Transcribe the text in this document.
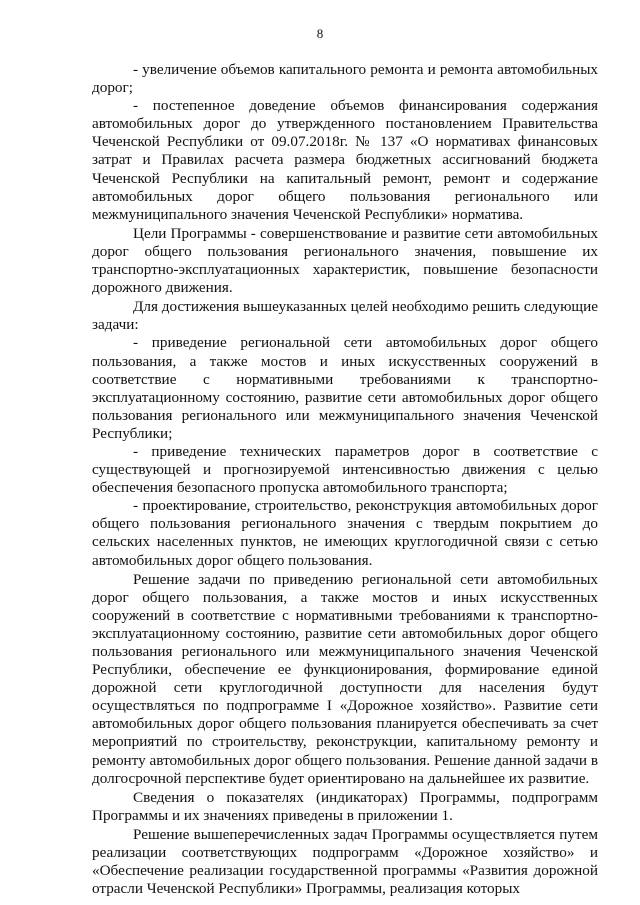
8

- увеличение объемов капитального ремонта и ремонта автомобильных дорог;

- постепенное доведение объемов финансирования содержания автомобильных дорог до утвержденного постановлением Правительства Чеченской Республики от 09.07.2018г. № 137 «О нормативах финансовых затрат и Правилах расчета размера бюджетных ассигнований бюджета Чеченской Республики на капитальный ремонт, ремонт и содержание автомобильных дорог общего пользования регионального или межмуниципального значения Чеченской Республики» норматива.

Цели Программы - совершенствование и развитие сети автомобильных дорог общего пользования регионального значения, повышение их транспортно-эксплуатационных характеристик, повышение безопасности дорожного движения.

Для достижения вышеуказанных целей необходимо решить следующие задачи:

- приведение региональной сети автомобильных дорог общего пользования, а также мостов и иных искусственных сооружений в соответствие с нормативными требованиями к транспортно-эксплуатационному состоянию, развитие сети автомобильных дорог общего пользования регионального или межмуниципального значения Чеченской Республики;

- приведение технических параметров дорог в соответствие с существующей и прогнозируемой интенсивностью движения с целью обеспечения безопасного пропуска автомобильного транспорта;

- проектирование, строительство, реконструкция автомобильных дорог общего пользования регионального значения с твердым покрытием до сельских населенных пунктов, не имеющих круглогодичной связи с сетью автомобильных дорог общего пользования.

Решение задачи по приведению региональной сети автомобильных дорог общего пользования, а также мостов и иных искусственных сооружений в соответствие с нормативными требованиями к транспортно-эксплуатационному состоянию, развитие сети автомобильных дорог общего пользования регионального или межмуниципального значения Чеченской Республики, обеспечение ее функционирования, формирование единой дорожной сети круглогодичной доступности для населения будут осуществляться по подпрограмме I «Дорожное хозяйство». Развитие сети автомобильных дорог общего пользования планируется обеспечивать за счет мероприятий по строительству, реконструкции, капитальному ремонту и ремонту автомобильных дорог общего пользования. Решение данной задачи в долгосрочной перспективе будет ориентировано на дальнейшее их развитие.

Сведения о показателях (индикаторах) Программы, подпрограмм Программы и их значениях приведены в приложении 1.

Решение вышеперечисленных задач Программы осуществляется путем реализации соответствующих подпрограмм «Дорожное хозяйство» и «Обеспечение реализации государственной программы «Развития дорожной отрасли Чеченской Республики» Программы, реализация которых
